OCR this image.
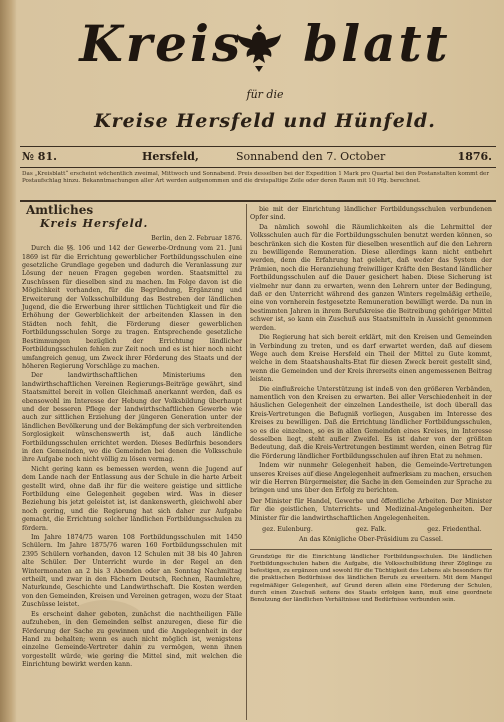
Kreis blatt
für die
Kreise Hersfeld und Hünfeld.
№ 81.	Hersfeld,	Sonnabend den 7. October	1876.
Das „Kreisblatt“ erscheint wöchentlich zweimal, Mittwoch und Sonnabend. Preis desselben bei der Expedition 1 Mark pro Quartal bei den Postanstalten kommt der Postaufschlag hinzu. Bekanntmachungen aller Art werden aufgenommen und die dreispaltige Zeile oder deren Raum mit 10 Pfg. berechnet.
Amtliches
Kreis Hersfeld.
Berlin, den 2. Februar 1876.

Durch die §§. 106 und 142 der Gewerbe-Ordnung vom 21. Juni 1869 ist für die Errichtung gewerblicher Fortbildungsschulen eine gesetzliche Grundlage gegeben und dadurch die Veranlassung zur Lösung der neuen Fragen gegeben worden. Staatsmittel zu Zuschüssen für dieselben sind zu machen. Im Folge davon ist die Möglichkeit vorhanden, für die Begründung, Ergänzung und Erweiterung der Volksschulbildung das Bestreben der ländlichen Jugend, die die Erwerbung ihrer sittlichen Tüchtigkeit und für die Erhöhung der Gewerblichkeit der arbeitenden Klassen in den Städten noch fehlt, die Förderung dieser gewerblichen Fortbildungsschulen Sorge zu tragen. Entsprechende gesetzliche Bestimmungen bezüglich der Errichtung ländlicher Fortbildungsschulen fehlen zur Zeit noch und es ist hier noch nicht umfangreich genug, um Zweck ihrer Förderung des Staats und der höheren Regierung Vorschläge zu machen.

Der landwirthschaftlichen Ministeriums den landwirthschaftlichen Vereinen Regierungs-Beiträge gewährt, sind Staatsmittel bereit in vollen Gleichmaß anerkannt werden, daß es ebensowohl im Interesse der Hebung der Volksbildung überhaupt und der besseren Pflege der landwirthschaftlichen Gewerbe wie auch zur sittlichen Erziehung der jüngeren Generation unter der ländlichen Bevölkerung und der Bekämpfung der sich verbreitenden Sorglosigkeit wünschenswerth ist, daß auch ländliche Fortbildungsschulen errichtet werden. Dieses Bedürfnis besonders in den Gemeinden, wo die Gemeinden bei denen die Volksschule ihre Aufgabe noch nicht völlig zu lösen vermag.

Nicht gering kann es bemessen werden, wenn die Jugend auf dem Lande nach der Entlassung aus der Schule in die harte Arbeit gestellt wird, ohne daß ihr für die weitere geistige und sittliche Fortbildung eine Gelegenheit gegeben wird. Was in dieser Beziehung bis jetzt geleistet ist, ist dankenswerth, gleichwohl aber noch gering, und die Regierung hat sich daher zur Aufgabe gemacht, die Errichtung solcher ländlichen Fortbildungsschulen zu fördern.

Im Jahre 1874/75 waren 108 Fortbildungsschulen mit 1450 Schülern. Im Jahre 1875/76 waren 160 Fortbildungsschulen mit 2395 Schülern vorhanden, davon 12 Schulen mit 38 bis 40 Jahren alte Schüler. Der Unterricht wurde in der Regel an den Wintermonaten an 2 bis 3 Abenden oder an Sonntag Nachmittag ertheilt, und zwar in den Fächern Deutsch, Rechnen, Raumlehre, Naturkunde, Geschichte und Landwirthschaft. Die Kosten werden von den Gemeinden, Kreisen und Vereinen getragen, wozu der Staat Zuschüsse leistet.

Es erscheint daher geboten, zunächst die nachtheiligen Fälle aufzuheben, in den Gemeinden selbst anzuregen, diese für die Förderung der Sache zu gewinnen und die Angelegenheit in der Hand zu behalten; wenn es auch nicht möglich ist, wenigstens einzelne Gemeinde-Vertreter dahin zu vermögen, wenn ihnen vorgestellt würde, wie gering die Mittel sind, mit welchen die Einrichtung bewirkt werden kann.

bie mit der Einrichtung ländlicher Fortbildungsschulen verbundenen Opfer sind.

Da nämlich sowohl die Räumlichkeiten als die Lehrmittel der Volksschulen auch für die Fortbildungsschulen benutzt werden können, so beschränken sich die Kosten für dieselben wesentlich auf die den Lehrern zu bewilligende Remuneration. Diese allerdings kann nicht entbehrt werden, denn die Erfahrung hat gelehrt, daß weder das System der Prämien, noch die Heranziehung freiwilliger Kräfte den Bestand ländlicher Fortbildungsschulen auf die Dauer gesichert haben. Diese Sicherung ist vielmehr nur dann zu erwarten, wenn den Lehrern unter der Bedingung, daß er den Unterricht während des ganzen Winters regelmäßig ertheile, eine von vornherein festgesetzte Remuneration bewilligt werde. Da nun in bestimmten Jahren in ihrem Berufskreise die Beitreibung gehöriger Mittel schwer ist, so kann ein Zuschuß aus Staatsmitteln in Aussicht genommen werden.

Die Regierung hat sich bereit erklärt, mit den Kreisen und Gemeinden in Verbindung zu treten, und es darf erwartet werden, daß auf diesem Wege auch dem Kreise Hersfeld ein Theil der Mittel zu Gute kommt, welche in dem Staatshaushalts-Etat für diesen Zweck bereit gestellt sind, wenn die Gemeinden und der Kreis ihrerseits einen angemessenen Beitrag leisten.

Die einflußreiche Unterstützung ist indeß von den größeren Verbänden, namentlich von den Kreisen zu erwarten. Bei aller Verschiedenheit in der häuslichen Gelegenheit der einzelnen Landestheile, ist doch überall das Kreis-Vertretungen die Befugniß vorliegen, Ausgaben im Interesse des Kreises zu bewilligen. Daß die Errichtung ländlicher Fortbildungsschulen, so es die einzelnen, so es in allen Gemeinden eines Kreises, im Interesse desselben liegt, steht außer Zweifel. Es ist daher von der größten Bedeutung, daß die Kreis-Vertretungen bestimmt werden, einen Betrag für die Förderung ländlicher Fortbildungsschulen auf ihren Etat zu nehmen.

Indem wir nunmehr Gelegenheit haben, die Gemeinde-Vertretungen unseres Kreises auf diese Angelegenheit aufmerksam zu machen, ersuchen wir die Herren Bürgermeister, die Sache in den Gemeinden zur Sprache zu bringen und uns über den Erfolg zu berichten.

Der Minister für Handel, Gewerbe und öffentliche Arbeiten. Der Minister für die geistlichen, Unterrichts- und Medizinal-Angelegenheiten. Der Minister für die landwirthschaftlichen Angelegenheiten.
gez. Eulenburg.	gez. Falk.	gez. Friedenthal.
An das Königliche Ober-Präsidium zu Cassel.
Grundzüge für die Einrichtung ländlicher Fortbildungsschulen. Die ländlichen Fortbildungsschulen haben die Aufgabe, die Volksschulbildung ihrer Zöglinge zu befestigen, zu ergänzen und sowohl für die Tüchtigkeit des Lebens als besonders für die praktischen Bedürfnisse des ländlichen Berufs zu erweitern. Mit dem Mangel regelmäßiger Gelegenheit, auf Grund deren allein eine Förderung der Schulen, durch einen Zuschuß seitens des Staats erfolgen kann, muß eine geordnete Benutzung der ländlichen Verhältnisse und Bedürfnisse verbunden sein.
